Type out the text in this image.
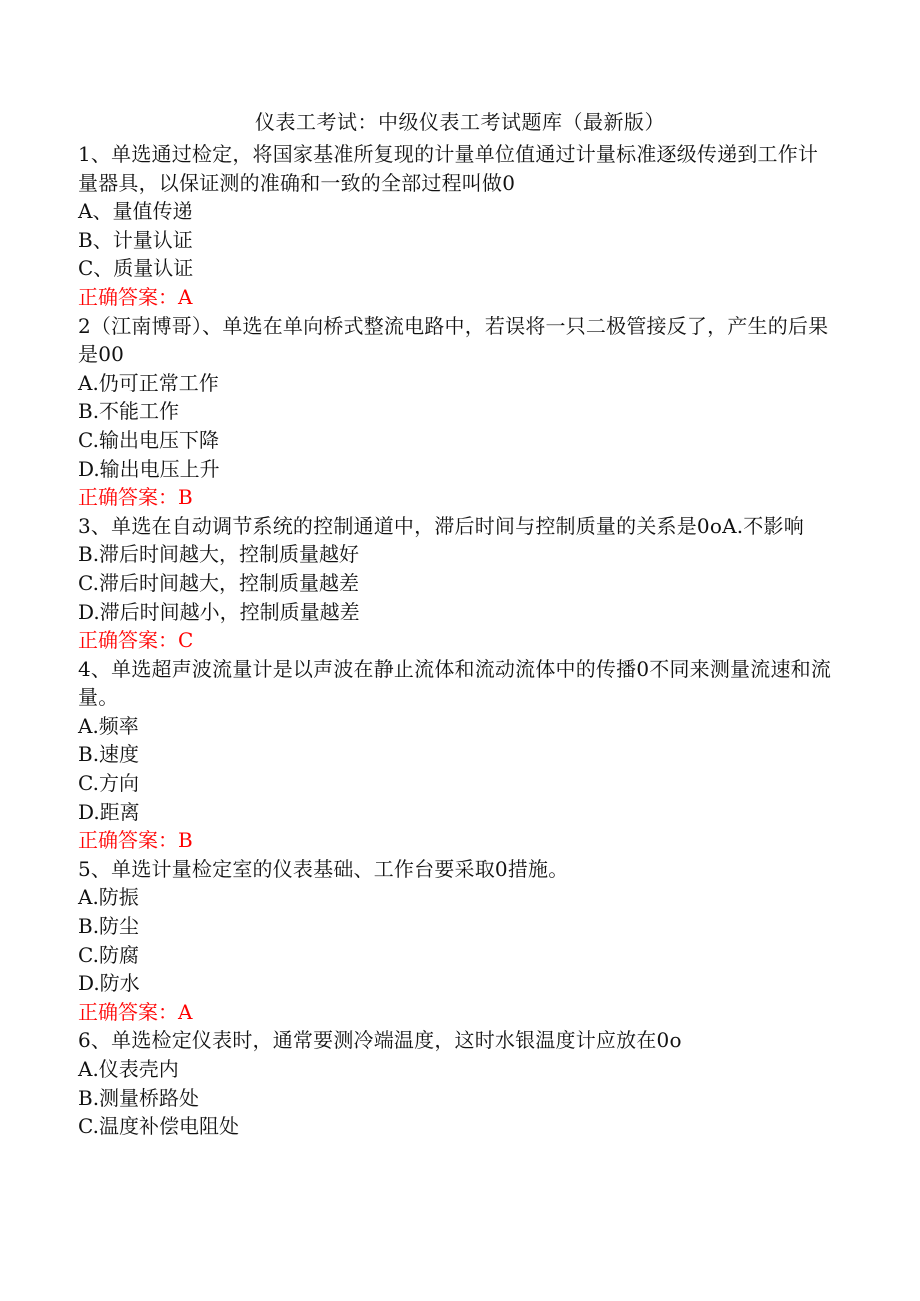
仪表工考试：中级仪表工考试题库（最新版）
1、单选通过检定，将国家基准所复现的计量单位值通过计量标准逐级传递到工作计量器具，以保证测的准确和一致的全部过程叫做0
A、量值传递
B、计量认证
C、质量认证
正确答案：A
2（江南博哥）、单选在单向桥式整流电路中，若误将一只二极管接反了，产生的后果是00
A.仍可正常工作
B.不能工作
C.输出电压下降
D.输出电压上升
正确答案：B
3、单选在自动调节系统的控制通道中，滞后时间与控制质量的关系是0oA.不影响
B.滞后时间越大，控制质量越好
C.滞后时间越大，控制质量越差
D.滞后时间越小，控制质量越差
正确答案：C
4、单选超声波流量计是以声波在静止流体和流动流体中的传播0不同来测量流速和流量。
A.频率
B.速度
C.方向
D.距离
正确答案：B
5、单选计量检定室的仪表基础、工作台要采取0措施。
A.防振
B.防尘
C.防腐
D.防水
正确答案：A
6、单选检定仪表时，通常要测冷端温度，这时水银温度计应放在0o
A.仪表壳内
B.测量桥路处
C.温度补偿电阻处
